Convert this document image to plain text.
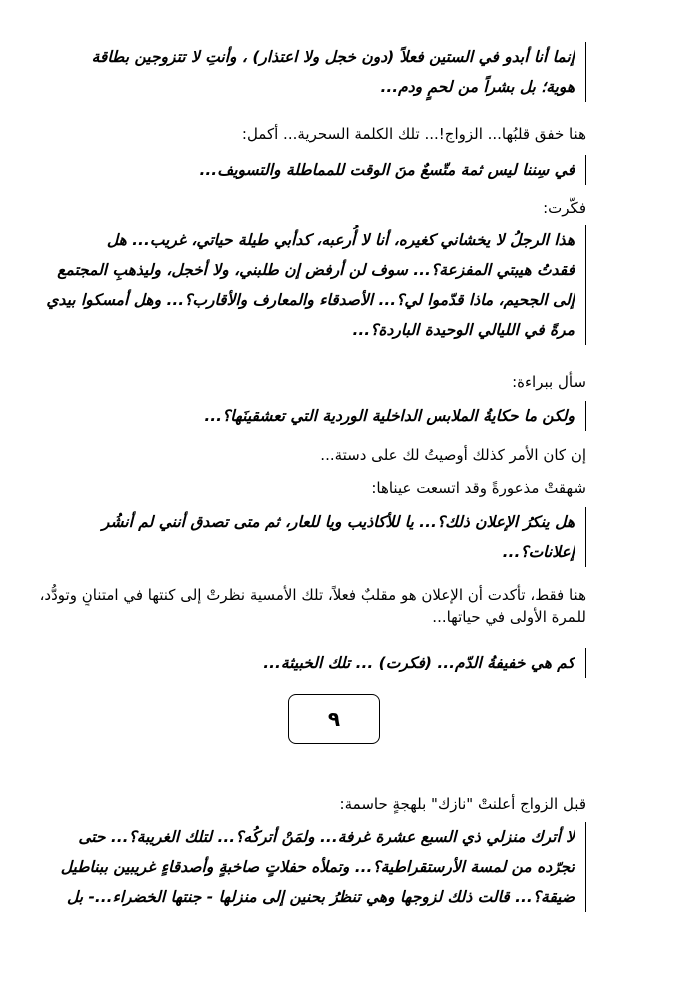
إنما أنا أبدو في الستين فعلاً (دون خجل ولا اعتذار) ، وأنتِ لا تتزوجين بطاقة
هوية؛ بل بشراً من لحمٍ ودم...
هنا خفق قلبُها... الزواج!... تلك الكلمة السحرية... أكمل:
في سِننا ليس ثمة متّسعٌ منَ الوقت للمماطلة والتسويف...
فكَّرت:
هذا الرجلُ لا يخشاني كغيره، أنا لا أُرعبه، كدأبي طيلة حياتي، غريب... هل
فقدتُ هيبتي المفزعة؟... سوف لن أرفض إن طلبني، ولا أخجل، وليذهبِ المجتمع
إلى الجحيم، ماذا قدّموا لي؟... الأصدقاء والمعارف والأقارب؟... وهل أمسكوا بيدي
مرةً في الليالي الوحيدة الباردة؟...
سأل ببراءة:
ولكن ما حكايةُ الملابس الداخلية الوردية التي تعشقينَها؟...
إن كان الأمر كذلك أوصيتُ لك على دستة...
شهقتْ مذعورةً وقد اتسعت عيناها:
هل ينكرُ الإعلان ذلك؟... يا للأكاذيب ويا للعار، ثم متى تصدق أنني لم أنشُر
إعلانات؟...
هنا فقط، تأكدت أن الإعلان هو مقلبٌ فعلاً، تلك الأمسية نظرتْ إلى كنتها في امتنانٍ وتودُّد،
للمرة الأولى في حياتها...
كم هي خفيفةُ الدّم... (فكرت) ... تلك الخبيثة...
٩
قبل الزواج أعلنتْ "نازك" بلهجةٍ حاسمة:
لا أترك منزلي ذي السبع عشرة غرفة... ولمَنْ أتركُه؟... لتلك الغريبة؟... حتى
تجرّده من لمسة الأرستقراطية؟... وتملأه حفلاتٍ صاخبةٍ وأصدقاءٍ غريبين ببناطيل
ضيقة؟... قالت ذلك لزوجها وهي تنظرُ بحنين إلى منزلها - جنتها الخضراء...- بل
